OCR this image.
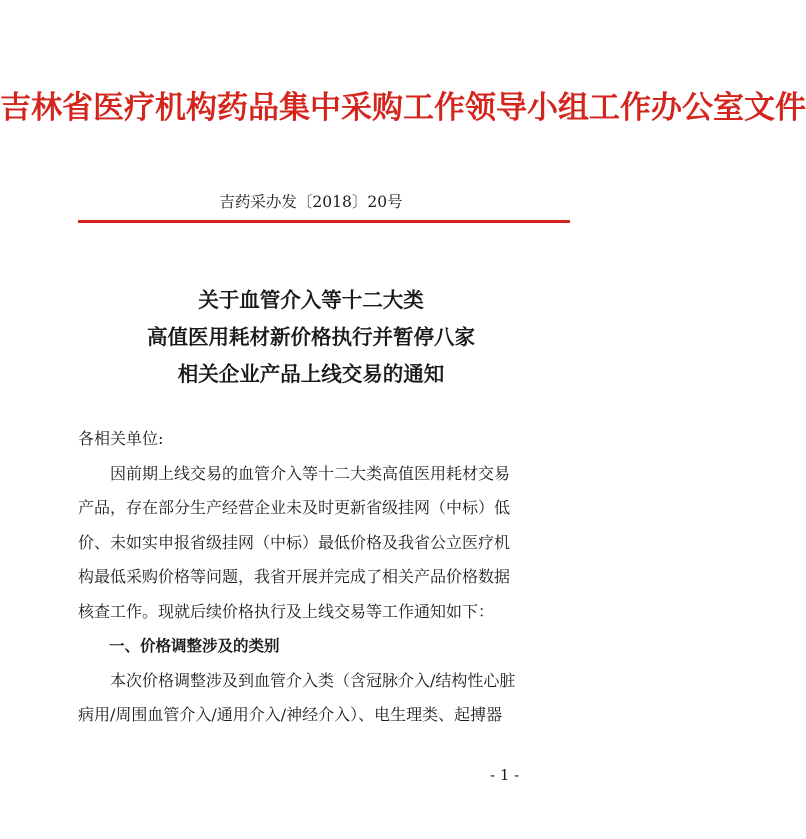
吉林省医疗机构药品集中采购工作领导小组工作办公室文件
吉药采办发〔2018〕20号
关于血管介入等十二大类
高值医用耗材新价格执行并暂停八家
相关企业产品上线交易的通知
各相关单位:
因前期上线交易的血管介入等十二大类高值医用耗材交易
产品，存在部分生产经营企业未及时更新省级挂网（中标）低
价、未如实申报省级挂网（中标）最低价格及我省公立医疗机
构最低采购价格等问题，我省开展并完成了相关产品价格数据
核查工作。现就后续价格执行及上线交易等工作通知如下：
一、价格调整涉及的类别
本次价格调整涉及到血管介入类（含冠脉介入/结构性心脏
病用/周围血管介入/通用介入/神经介入）、电生理类、起搏器
- 1 -
